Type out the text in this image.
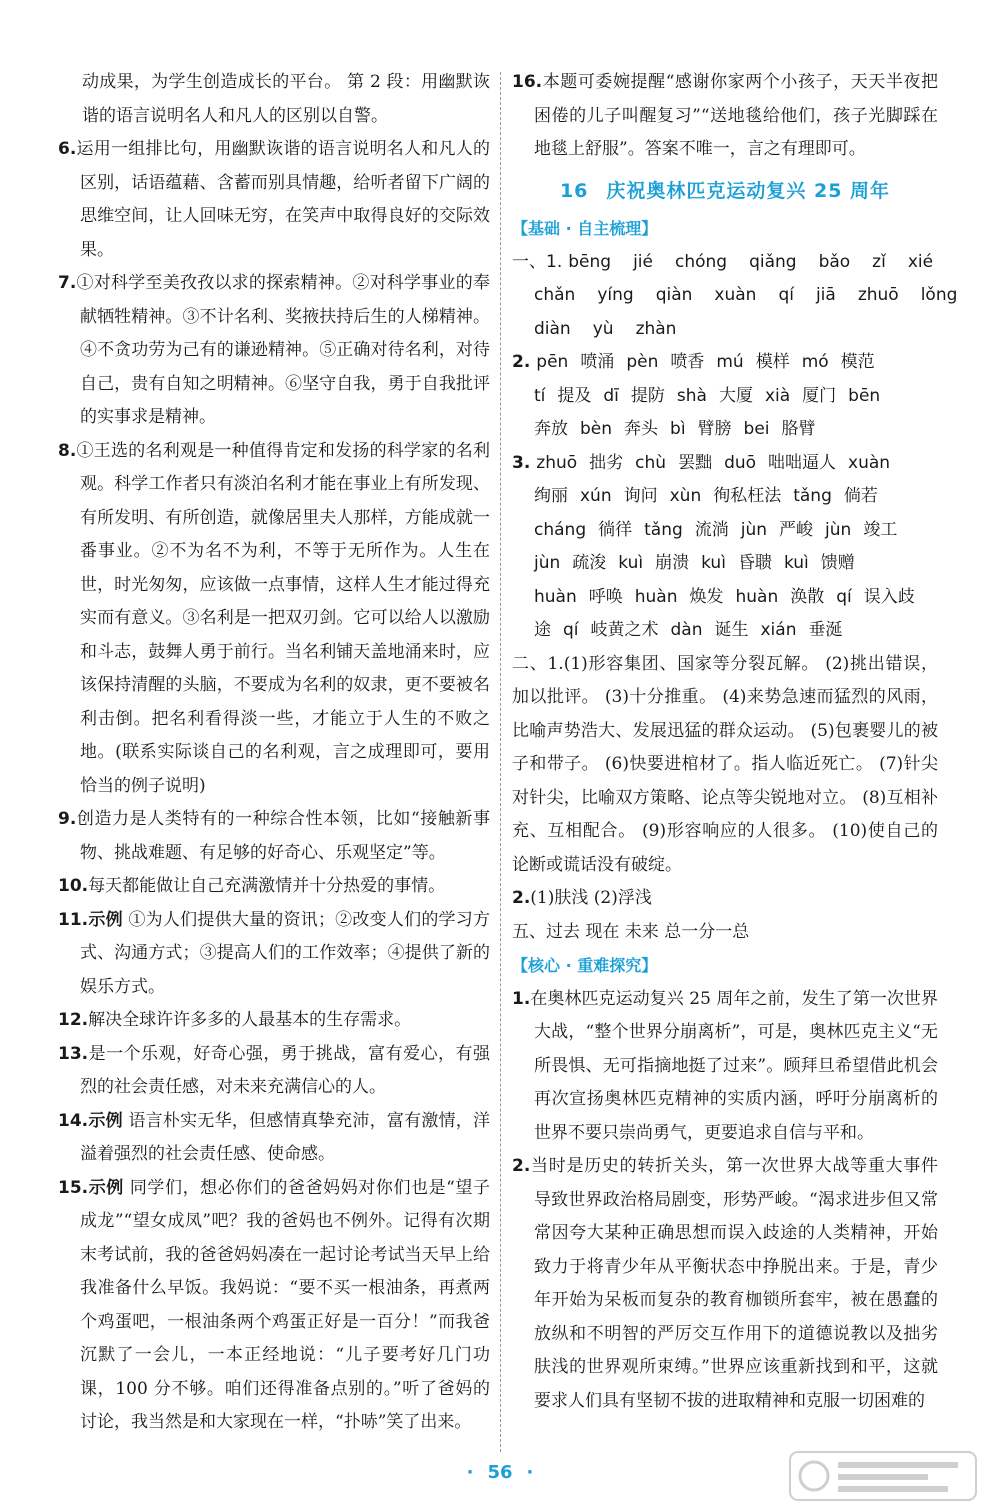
动成果，为学生创造成长的平台。 第 2 段：用幽默诙谐的语言说明名人和凡人的区别以自警。

6.运用一组排比句，用幽默诙谐的语言说明名人和凡人的区别，话语蕴藉、含蓄而别具情趣，给听者留下广阔的思维空间，让人回味无穷，在笑声中取得良好的交际效果。

7.①对科学至美孜孜以求的探索精神。②对科学事业的奉献牺牲精神。③不计名利、奖掖扶持后生的人梯精神。④不贪功劳为己有的谦逊精神。⑤正确对待名利，对待自己，贵有自知之明精神。⑥坚守自我，勇于自我批评的实事求是精神。

8.①王选的名利观是一种值得肯定和发扬的科学家的名利观。科学工作者只有淡泊名利才能在事业上有所发现、有所发明、有所创造，就像居里夫人那样，方能成就一番事业。②不为名不为利，不等于无所作为。人生在世，时光匆匆，应该做一点事情，这样人生才能过得充实而有意义。③名利是一把双刃剑。它可以给人以激励和斗志，鼓舞人勇于前行。当名利铺天盖地涌来时，应该保持清醒的头脑，不要成为名利的奴隶，更不要被名利击倒。把名利看得淡一些，才能立于人生的不败之地。(联系实际谈自己的名利观，言之成理即可，要用恰当的例子说明)

9.创造力是人类特有的一种综合性本领，比如“接触新事物、挑战难题、有足够的好奇心、乐观坚定”等。

10.每天都能做让自己充满激情并十分热爱的事情。

11.示例 ①为人们提供大量的资讯；②改变人们的学习方式、沟通方式；③提高人们的工作效率；④提供了新的娱乐方式。

12.解决全球许许多多的人最基本的生存需求。

13.是一个乐观，好奇心强，勇于挑战，富有爱心，有强烈的社会责任感，对未来充满信心的人。

14.示例 语言朴实无华，但感情真挚充沛，富有激情，洋溢着强烈的社会责任感、使命感。

15.示例 同学们，想必你们的爸爸妈妈对你们也是“望子成龙”“望女成凤”吧？我的爸妈也不例外。记得有次期末考试前，我的爸爸妈妈凑在一起讨论考试当天早上给我准备什么早饭。我妈说：“要不买一根油条，再煮两个鸡蛋吧，一根油条两个鸡蛋正好是一百分！”而我爸沉默了一会儿，一本正经地说：“儿子要考好几门功课，100 分不够。咱们还得准备点别的。”听了爸妈的讨论，我当然是和大家现在一样，“扑哧”笑了出来。

16.本题可委婉提醒“感谢你家两个小孩子，天天半夜把困倦的儿子叫醒复习”“送地毯给他们，孩子光脚踩在地毯上舒服”。答案不唯一，言之有理即可。

16 庆祝奥林匹克运动复兴 25 周年

【基础 · 自主梳理】

一、1. bēng jié chóng qiǎng bǎo zǐ xié
chǎn yíng qiàn xuàn qí jiā zhuō lǒng
diàn yù zhàn
2. pēn 喷涌 pèn 喷香 mú 模样 mó 模范
tí 提及 dī 提防 shà 大厦 xià 厦门 bēn
奔放 bèn 奔头 bì 臂膀 bei 胳臂
3. zhuō 拙劣 chù 罢黜 duō 咄咄逼人 xuàn
绚丽 xún 询问 xùn 徇私枉法 tǎng 倘若
cháng 徜徉 tǎng 流淌 jùn 严峻 jùn 竣工
jùn 疏浚 kuì 崩溃 kuì 昏聩 kuì 馈赠
huàn 呼唤 huàn 焕发 huàn 涣散 qí 误入歧
途 qí 岐黄之术 dàn 诞生 xián 垂涎

二、1.(1)形容集团、国家等分裂瓦解。 (2)挑出错误，加以批评。 (3)十分推重。 (4)来势急速而猛烈的风雨，比喻声势浩大、发展迅猛的群众运动。 (5)包裹婴儿的被子和带子。 (6)快要进棺材了。指人临近死亡。 (7)针尖对针尖，比喻双方策略、论点等尖锐地对立。 (8)互相补充、互相配合。 (9)形容响应的人很多。 (10)使自己的论断或谎话没有破绽。

2.(1)肤浅 (2)浮浅

五、过去 现在 未来 总一分一总

【核心 · 重难探究】

1.在奥林匹克运动复兴 25 周年之前，发生了第一次世界大战，“整个世界分崩离析”，可是，奥林匹克主义“无所畏惧、无可指摘地挺了过来”。顾拜旦希望借此机会再次宣扬奥林匹克精神的实质内涵，呼吁分崩离析的世界不要只崇尚勇气，更要追求自信与平和。

2.当时是历史的转折关头，第一次世界大战等重大事件导致世界政治格局剧变，形势严峻。“渴求进步但又常常因夸大某种正确思想而误入歧途的人类精神，开始致力于将青少年从平衡状态中挣脱出来。于是，青少年开始为呆板而复杂的教育枷锁所套牢，被在愚蠢的放纵和不明智的严厉交互作用下的道德说教以及拙劣肤浅的世界观所束缚。”世界应该重新找到和平，这就要求人们具有坚韧不拔的进取精神和克服一切困难的

· 56 ·
